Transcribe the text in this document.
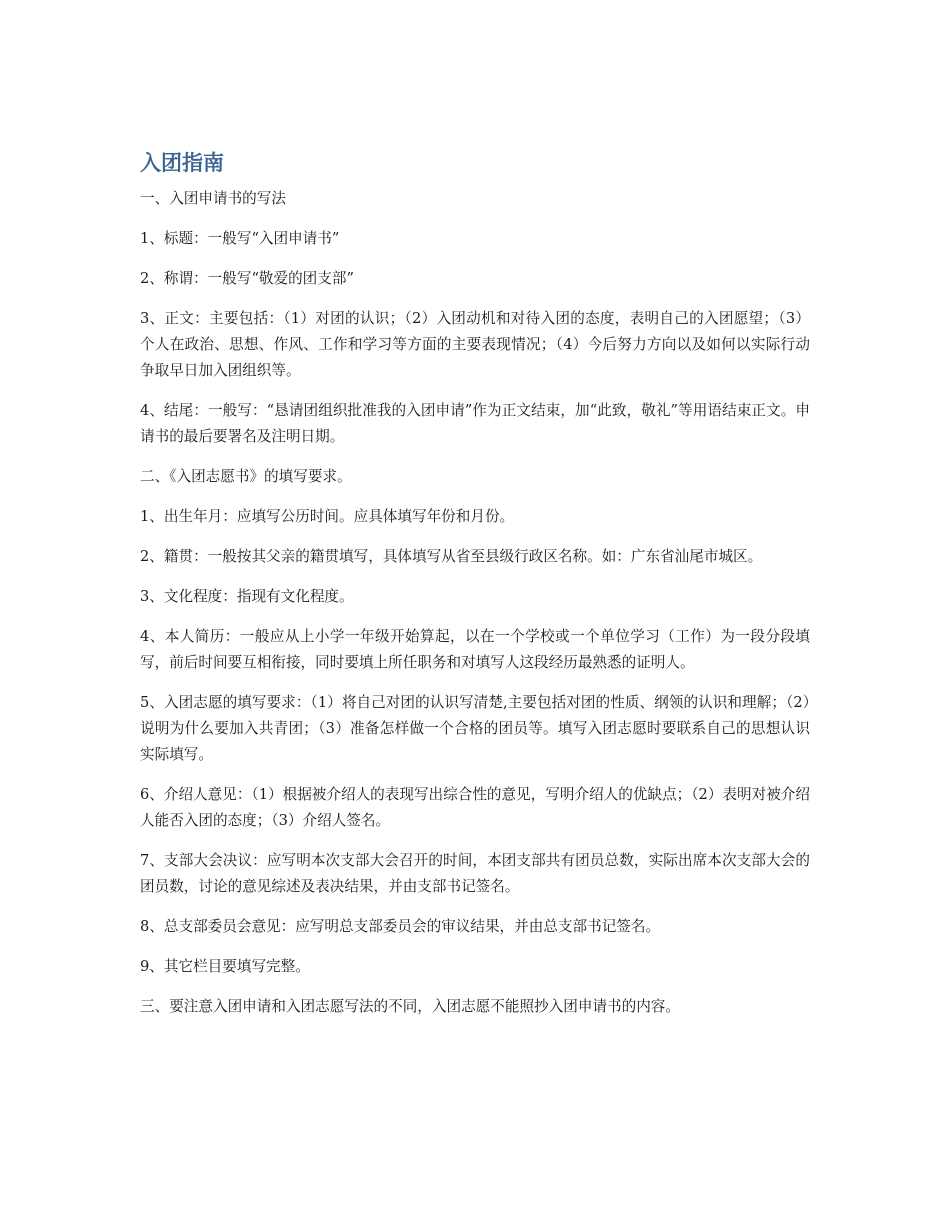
入团指南

一、入团申请书的写法

1、标题：一般写“入团申请书”

2、称谓：一般写“敬爱的团支部”

3、正文：主要包括：（1）对团的认识；（2）入团动机和对待入团的态度，表明自己的入团愿望；（3）个人在政治、思想、作风、工作和学习等方面的主要表现情况；（4）今后努力方向以及如何以实际行动争取早日加入团组织等。

4、结尾：一般写：“恳请团组织批准我的入团申请”作为正文结束，加“此致，敬礼”等用语结束正文。申请书的最后要署名及注明日期。

二、《入团志愿书》的填写要求。

1、出生年月：应填写公历时间。应具体填写年份和月份。

2、籍贯：一般按其父亲的籍贯填写，具体填写从省至县级行政区名称。如：广东省汕尾市城区。

3、文化程度：指现有文化程度。

4、本人简历：一般应从上小学一年级开始算起，以在一个学校或一个单位学习（工作）为一段分段填写，前后时间要互相衔接，同时要填上所任职务和对填写人这段经历最熟悉的证明人。

5、入团志愿的填写要求：（1）将自己对团的认识写清楚,主要包括对团的性质、纲领的认识和理解；（2）说明为什么要加入共青团；（3）准备怎样做一个合格的团员等。填写入团志愿时要联系自己的思想认识实际填写。

6、介绍人意见：（1）根据被介绍人的表现写出综合性的意见，写明介绍人的优缺点；（2）表明对被介绍人能否入团的态度；（3）介绍人签名。

7、支部大会决议：应写明本次支部大会召开的时间，本团支部共有团员总数，实际出席本次支部大会的团员数，讨论的意见综述及表决结果，并由支部书记签名。

8、总支部委员会意见：应写明总支部委员会的审议结果，并由总支部书记签名。

9、其它栏目要填写完整。

三、要注意入团申请和入团志愿写法的不同，入团志愿不能照抄入团申请书的内容。
